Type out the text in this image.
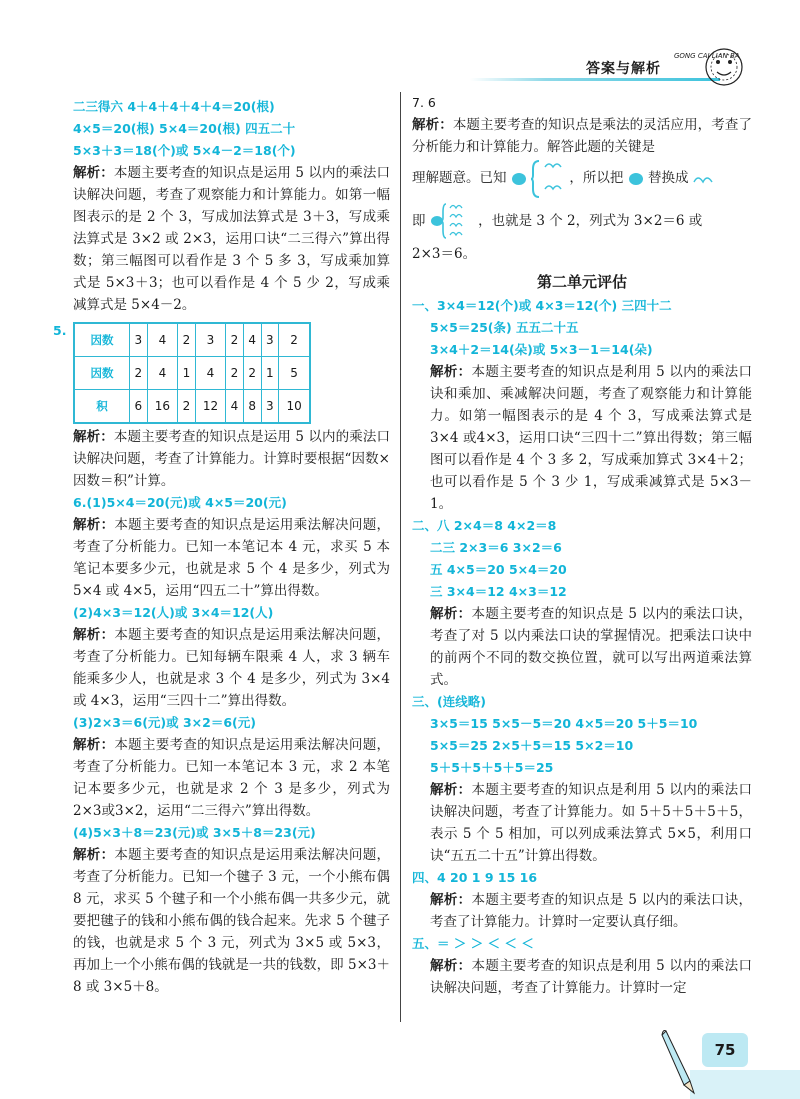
答案与解析
GONG CAI LIAN BA

二三得六 4＋4＋4＋4＋4＝20(根)

4×5＝20(根) 5×4＝20(根) 四五二十

5×3＋3＝18(个)或 5×4－2＝18(个)

解析：本题主要考查的知识点是运用 5 以内的乘法口诀解决问题，考查了观察能力和计算能力。如第一幅图表示的是 2 个 3，写成加法算式是 3＋3，写成乘法算式是 3×2 或 2×3，运用口诀“二三得六”算出得数；第三幅图可以看作是 3 个 5 多 3，写成乘加算式是 5×3＋3；也可以看作是 4 个 5 少 2，写成乘减算式是 5×4－2。

5.
因数	3	4	2	3	2	4	3	2
因数	2	4	1	4	2	2	1	5
积	6	16	2	12	4	8	3	10

解析：本题主要考查的知识点是运用 5 以内的乘法口诀解决问题，考查了计算能力。计算时要根据“因数×因数＝积”计算。

6.(1)5×4＝20(元)或 4×5＝20(元)

解析：本题主要考查的知识点是运用乘法解决问题，考查了分析能力。已知一本笔记本 4 元，求买 5 本笔记本要多少元，也就是求 5 个 4 是多少，列式为 5×4 或 4×5，运用“四五二十”算出得数。

(2)4×3＝12(人)或 3×4＝12(人)

解析：本题主要考查的知识点是运用乘法解决问题，考查了分析能力。已知每辆车限乘 4 人，求 3 辆车能乘多少人，也就是求 3 个 4 是多少，列式为 3×4或 4×3，运用“三四十二”算出得数。

(3)2×3＝6(元)或 3×2＝6(元)

解析：本题主要考查的知识点是运用乘法解决问题，考查了分析能力。已知一本笔记本 3 元，求 2 本笔记本要多少元，也就是求 2 个 3 是多少，列式为 2×3或3×2，运用“二三得六”算出得数。

(4)5×3＋8＝23(元)或 3×5＋8＝23(元)

解析：本题主要考查的知识点是运用乘法解决问题，考查了分析能力。已知一个毽子 3 元，一个小熊布偶 8 元，求买 5 个毽子和一个小熊布偶一共多少元，就要把毽子的钱和小熊布偶的钱合起来。先求 5 个毽子的钱，也就是求 5 个 3 元，列式为 3×5 或 5×3，再加上一个小熊布偶的钱就是一共的钱数，即 5×3＋8 或 3×5＋8。

7. 6

解析：本题主要考查的知识点是乘法的灵活应用，考查了分析能力和计算能力。解答此题的关键是

理解题意。已知	，所以把 替换成

即	，也就是 3 个 2，列式为 3×2＝6 或

2×3＝6。

第二单元评估

一、3×4＝12(个)或 4×3＝12(个) 三四十二

5×5＝25(条) 五五二十五

3×4＋2＝14(朵)或 5×3－1＝14(朵)

解析：本题主要考查的知识点是利用 5 以内的乘法口诀和乘加、乘减解决问题，考查了观察能力和计算能力。如第一幅图表示的是 4 个 3，写成乘法算式是 3×4 或4×3，运用口诀“三四十二”算出得数；第三幅图可以看作是 4 个 3 多 2，写成乘加算式 3×4＋2；也可以看作是 5 个 3 少 1，写成乘减算式是 5×3－1。

二、八 2×4＝8 4×2＝8

二三 2×3＝6 3×2＝6

五 4×5＝20 5×4＝20

三 3×4＝12 4×3＝12

解析：本题主要考查的知识点是 5 以内的乘法口诀，考查了对 5 以内乘法口诀的掌握情况。把乘法口诀中的前两个不同的数交换位置，就可以写出两道乘法算式。

三、(连线略)

3×5＝15 5×5－5＝20 4×5＝20 5＋5＝10

5×5＝25 2×5＋5＝15 5×2＝10

5＋5＋5＋5＋5＝25

解析：本题主要考查的知识点是利用 5 以内的乘法口诀解决问题，考查了计算能力。如 5＋5＋5＋5＋5，表示 5 个 5 相加，可以列成乘法算式 5×5，利用口诀“五五二十五”计算出得数。

四、4 20 1 9 15 16

解析：本题主要考查的知识点是 5 以内的乘法口诀，考查了计算能力。计算时一定要认真仔细。

五、＝ ＞ ＞ ＜ ＜ ＜

解析：本题主要考查的知识点是利用 5 以内的乘法口诀解决问题，考查了计算能力。计算时一定

75
